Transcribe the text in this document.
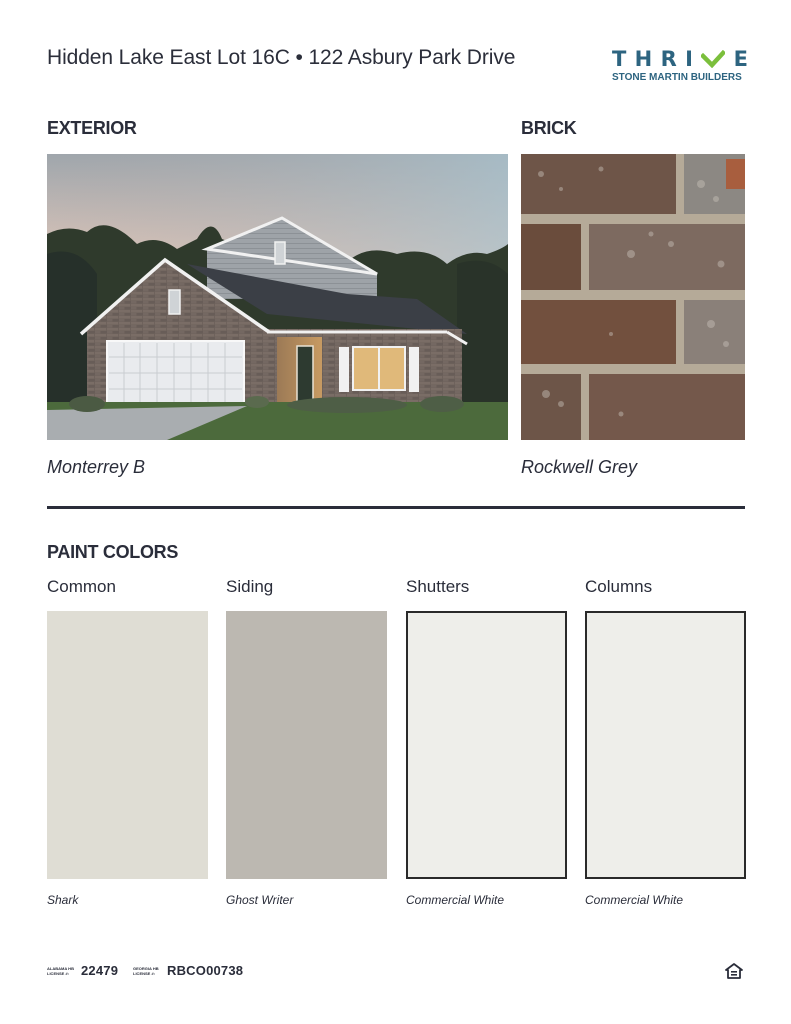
Hidden Lake East Lot 16C • 122 Asbury Park Drive	T H R I E
STONE MARTIN BUILDERS
EXTERIOR
Monterrey B
BRICK
Rockwell Grey
PAINT COLORS
Common
Shark
Siding
Ghost Writer
Shutters
Commercial White
Columns
Commercial White
ALABAMA HB
LICENSE #: 22479	GEORGIA HB
LICENSE #: RBCO00738
